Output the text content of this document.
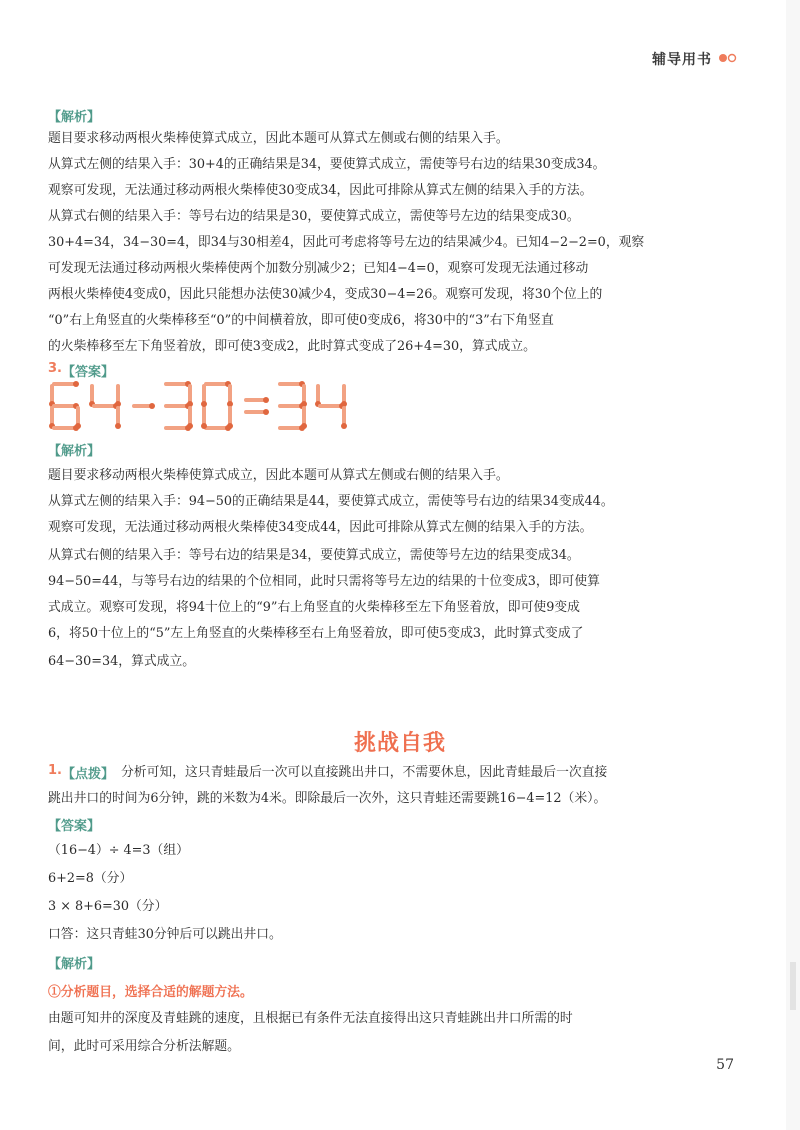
辅导用书
【解析】
题目要求移动两根火柴棒使算式成立，因此本题可从算式左侧或右侧的结果入手。
从算式左侧的结果入手：30+4的正确结果是34，要使算式成立，需使等号右边的结果30变成34。
观察可发现，无法通过移动两根火柴棒使30变成34，因此可排除从算式左侧的结果入手的方法。
从算式右侧的结果入手：等号右边的结果是30，要使算式成立，需使等号左边的结果变成30。
30+4=34，34−30=4，即34与30相差4，因此可考虑将等号左边的结果减少4。已知4−2−2=0，观察
可发现无法通过移动两根火柴棒使两个加数分别减少2；已知4−4=0，观察可发现无法通过移动
两根火柴棒使4变成0，因此只能想办法使30减少4，变成30−4=26。观察可发现，将30个位上的
“0”右上角竖直的火柴棒移至“0”的中间横着放，即可使0变成6，将30中的“3”右下角竖直
的火柴棒移至左下角竖着放，即可使3变成2，此时算式变成了26+4=30，算式成立。
3. 【答案】
【解析】
题目要求移动两根火柴棒使算式成立，因此本题可从算式左侧或右侧的结果入手。
从算式左侧的结果入手：94−50的正确结果是44，要使算式成立，需使等号右边的结果34变成44。
观察可发现，无法通过移动两根火柴棒使34变成44，因此可排除从算式左侧的结果入手的方法。
从算式右侧的结果入手：等号右边的结果是34，要使算式成立，需使等号左边的结果变成34。
94−50=44，与等号右边的结果的个位相同，此时只需将等号左边的结果的十位变成3，即可使算
式成立。观察可发现，将94十位上的“9”右上角竖直的火柴棒移至左下角竖着放，即可使9变成
6，将50十位上的“5”左上角竖直的火柴棒移至右上角竖着放，即可使5变成3，此时算式变成了
64−30=34，算式成立。
挑战自我
1. 【点拨】 分析可知，这只青蛙最后一次可以直接跳出井口，不需要休息，因此青蛙最后一次直接
跳出井口的时间为6分钟，跳的米数为4米。即除最后一次外，这只青蛙还需要跳16−4=12（米）。
【答案】
（16−4）÷ 4=3（组）
6+2=8（分）
3 × 8+6=30（分）
口答：这只青蛙30分钟后可以跳出井口。
【解析】
①分析题目，选择合适的解题方法。
由题可知井的深度及青蛙跳的速度，且根据已有条件无法直接得出这只青蛙跳出井口所需的时
间，此时可采用综合分析法解题。
57
